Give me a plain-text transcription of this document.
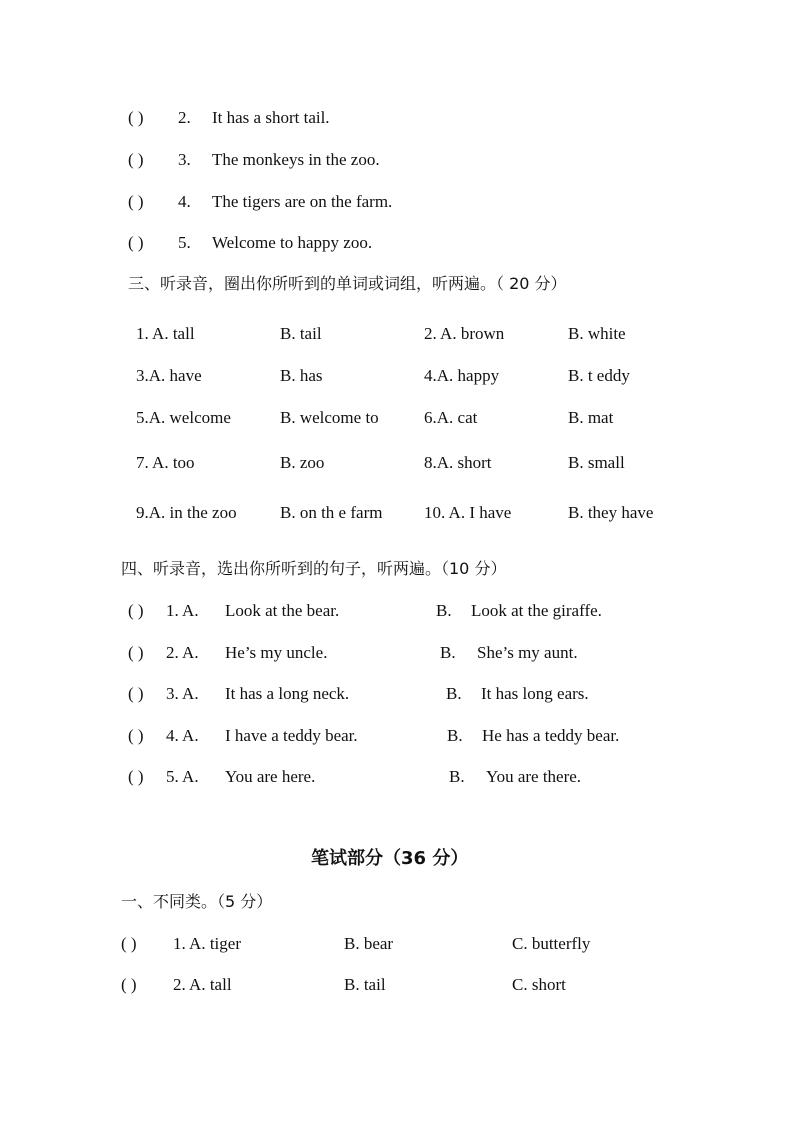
( ) 2. It has a short tail.
( ) 3. The monkeys in the zoo.
( ) 4. The tigers are on the farm.
( ) 5. Welcome to happy zoo.
三、听录音，圈出你所听到的单词或词组，听两遍。（ 20 分）
1. A. tall	B. tail	2. A. brown	B. white
3.A. have	B. has	4.A. happy	B. t eddy
5.A. welcome	B. welcome to	6.A. cat	B. mat
7. A. too	B. zoo	8.A. short	B. small
9.A. in the zoo	B. on th e farm 10. A. I have	B. they have
四、听录音，选出你所听到的句子，听两遍。（10 分）
( ) 1. A. Look at the bear.	B. Look at the giraffe.
( ) 2. A. He’s my uncle.	B. She’s my aunt.
( ) 3. A. It has a long neck.	B. It has long ears.
( ) 4. A. I have a teddy bear.	B. He has a teddy bear.
( ) 5. A. You are here.	B. You are there.
笔试部分（36 分）
一、不同类。（5 分）
( ) 1. A. tiger	B. bear	C. butterfly
( ) 2. A. tall	B. tail	C. short
